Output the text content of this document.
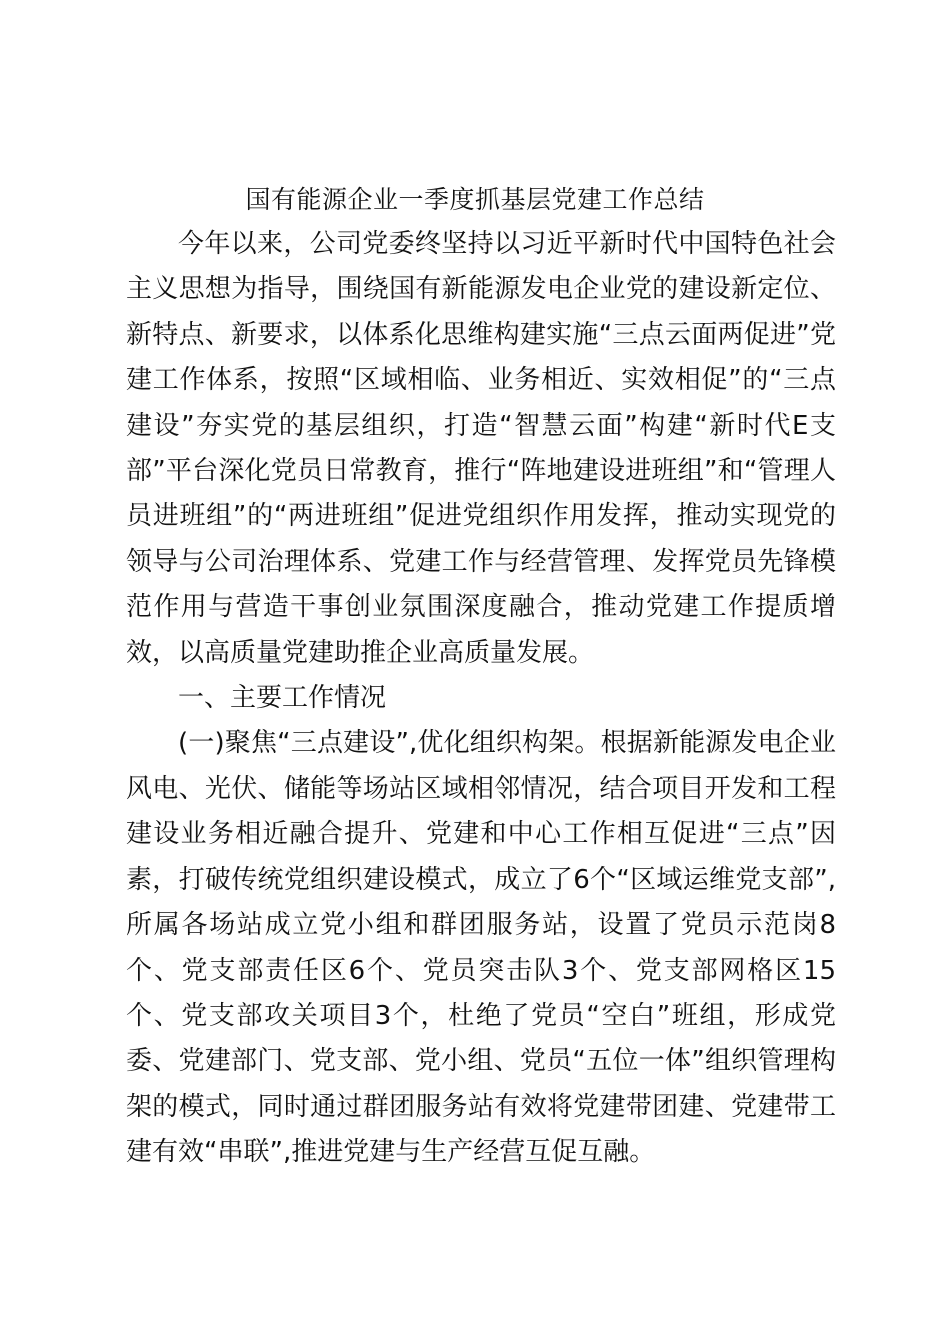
国有能源企业一季度抓基层党建工作总结

今年以来，公司党委终坚持以习近平新时代中国特色社会主义思想为指导，围绕国有新能源发电企业党的建设新定位、新特点、新要求，以体系化思维构建实施“三点云面两促进”党建工作体系，按照“区域相临、业务相近、实效相促”的“三点建设”夯实党的基层组织，打造“智慧云面”构建“新时代E支部”平台深化党员日常教育，推行“阵地建设进班组”和“管理人员进班组”的“两进班组”促进党组织作用发挥，推动实现党的领导与公司治理体系、党建工作与经营管理、发挥党员先锋模范作用与营造干事创业氛围深度融合，推动党建工作提质增效，以高质量党建助推企业高质量发展。

一、主要工作情况

(一)聚焦“三点建设”,优化组织构架。根据新能源发电企业风电、光伏、储能等场站区域相邻情况，结合项目开发和工程建设业务相近融合提升、党建和中心工作相互促进“三点”因素，打破传统党组织建设模式，成立了6个“区域运维党支部”,所属各场站成立党小组和群团服务站，设置了党员示范岗8个、党支部责任区6个、党员突击队3个、党支部网格区15个、党支部攻关项目3个，杜绝了党员“空白”班组，形成党委、党建部门、党支部、党小组、党员“五位一体”组织管理构架的模式，同时通过群团服务站有效将党建带团建、党建带工建有效“串联”,推进党建与生产经营互促互融。
